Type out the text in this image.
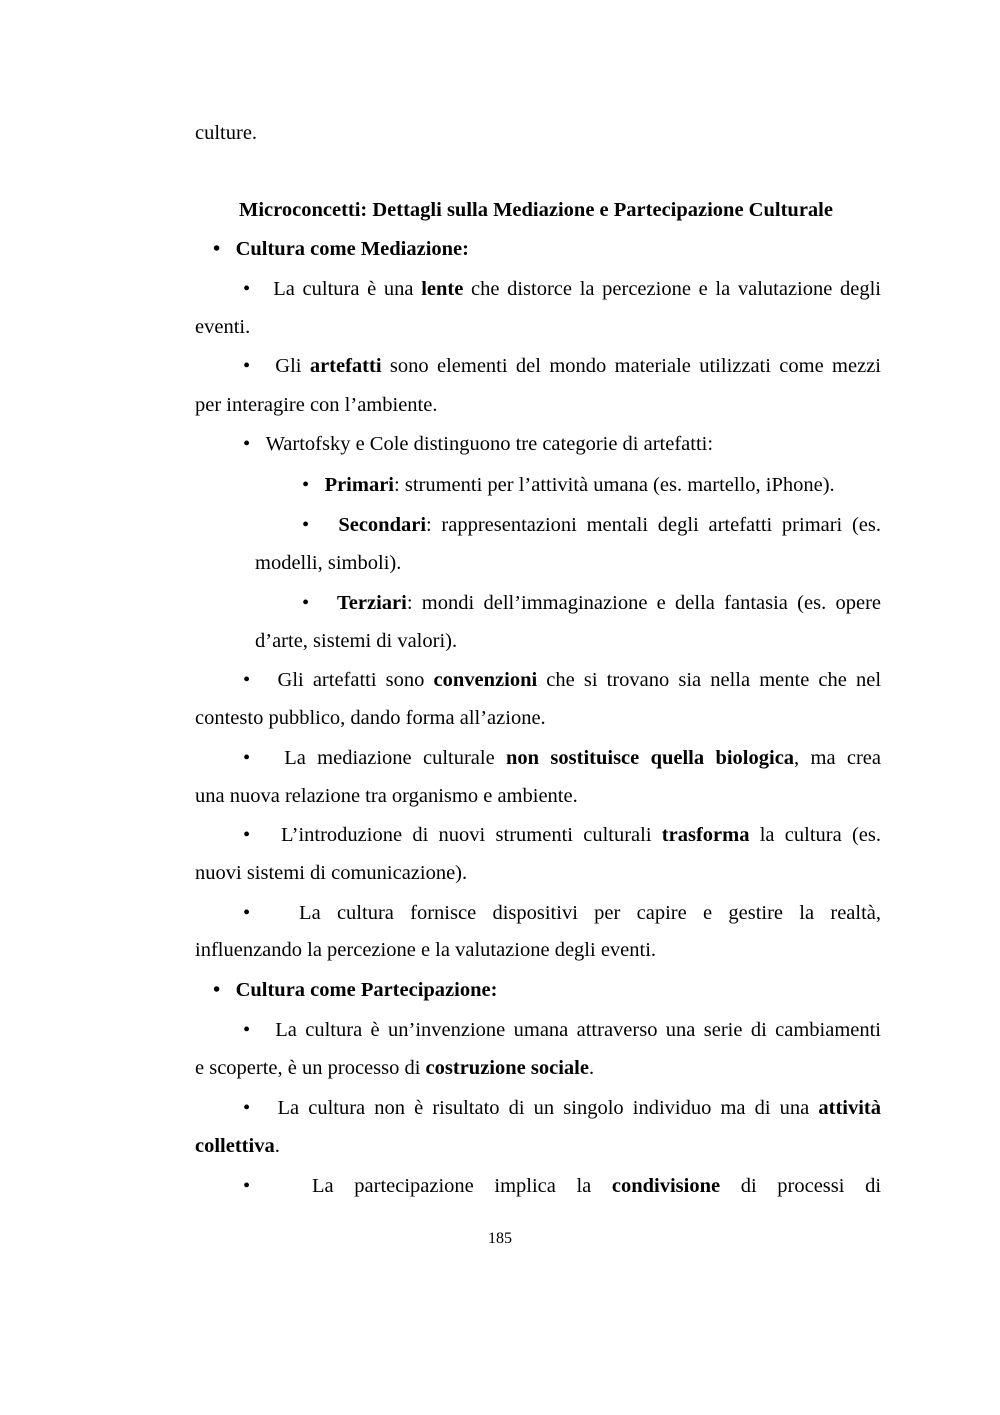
culture.
Microconcetti: Dettagli sulla Mediazione e Partecipazione Culturale
• Cultura come Mediazione:
• La cultura è una lente che distorce la percezione e la valutazione degli
eventi.
• Gli artefatti sono elementi del mondo materiale utilizzati come mezzi
per interagire con l’ambiente.
• Wartofsky e Cole distinguono tre categorie di artefatti:
• Primari: strumenti per l’attività umana (es. martello, iPhone).
• Secondari: rappresentazioni mentali degli artefatti primari (es.
modelli, simboli).
• Terziari: mondi dell’immaginazione e della fantasia (es. opere
d’arte, sistemi di valori).
• Gli artefatti sono convenzioni che si trovano sia nella mente che nel
contesto pubblico, dando forma all’azione.
• La mediazione culturale non sostituisce quella biologica, ma crea
una nuova relazione tra organismo e ambiente.
• L’introduzione di nuovi strumenti culturali trasforma la cultura (es.
nuovi sistemi di comunicazione).
• La cultura fornisce dispositivi per capire e gestire la realtà,
influenzando la percezione e la valutazione degli eventi.
• Cultura come Partecipazione:
• La cultura è un’invenzione umana attraverso una serie di cambiamenti
e scoperte, è un processo di costruzione sociale.
• La cultura non è risultato di un singolo individuo ma di una attività
collettiva.
•	La partecipazione implica la condivisione di processi di
185
